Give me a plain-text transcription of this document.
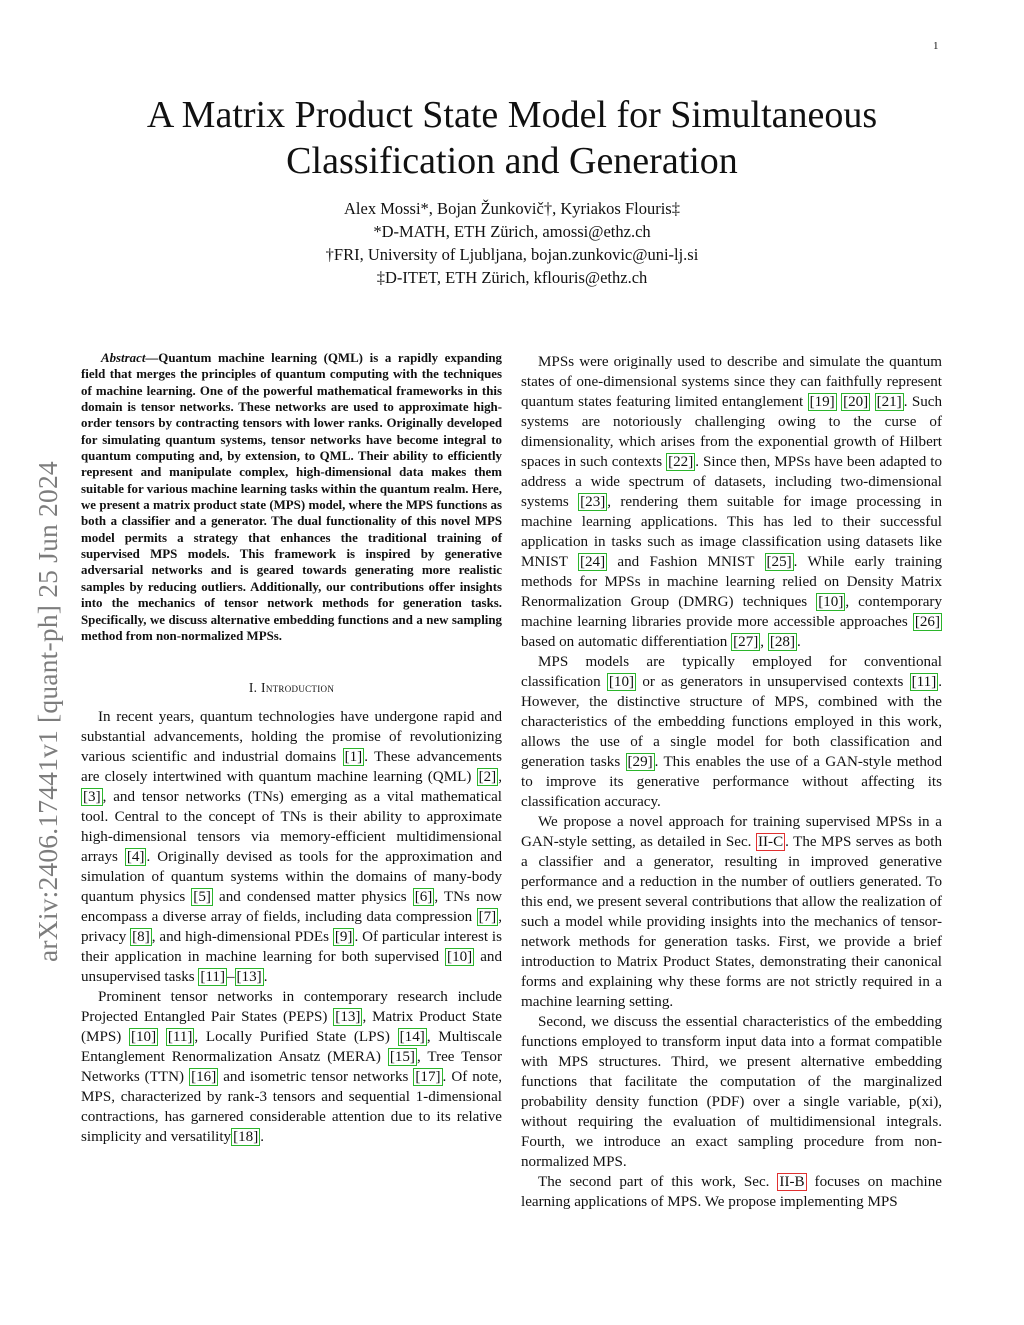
1
A Matrix Product State Model for Simultaneous
Classification and Generation
Alex Mossi*, Bojan Žunkovič†, Kyriakos Flouris‡
*D-MATH, ETH Zürich, amossi@ethz.ch
†FRI, University of Ljubljana, bojan.zunkovic@uni-lj.si
‡D-ITET, ETH Zürich, kflouris@ethz.ch
arXiv:2406.17441v1 [quant-ph] 25 Jun 2024

Abstract—Quantum machine learning (QML) is a rapidly expanding field that merges the principles of quantum computing with the techniques of machine learning. One of the powerful mathematical frameworks in this domain is tensor networks. These networks are used to approximate high-order tensors by contracting tensors with lower ranks. Originally developed for simulating quantum systems, tensor networks have become integral to quantum computing and, by extension, to QML. Their ability to efficiently represent and manipulate complex, high-dimensional data makes them suitable for various machine learning tasks within the quantum realm. Here, we present a matrix product state (MPS) model, where the MPS functions as both a classifier and a generator. The dual functionality of this novel MPS model permits a strategy that enhances the traditional training of supervised MPS models. This framework is inspired by generative adversarial networks and is geared towards generating more realistic samples by reducing outliers. Additionally, our contributions offer insights into the mechanics of tensor network methods for generation tasks. Specifically, we discuss alternative embedding functions and a new sampling method from non-normalized MPSs.

I. Introduction

In recent years, quantum technologies have undergone rapid and substantial advancements, holding the promise of revolutionizing various scientific and industrial domains [1] . These advancements are closely intertwined with quantum machine learning (QML) [2] , [3] , and tensor networks (TNs) emerging as a vital mathematical tool. Central to the concept of TNs is their ability to approximate high-dimensional tensors via memory-efficient multidimensional arrays [4] . Originally devised as tools for the approximation and simulation of quantum systems within the domains of many-body quantum physics [5] and condensed matter physics [6] , TNs now encompass a diverse array of fields, including data compression [7] , privacy [8] , and high-dimensional PDEs [9] . Of particular interest is their application in machine learning for both supervised [10] and unsupervised tasks [11] – [13] .

Prominent tensor networks in contemporary research include Projected Entangled Pair States (PEPS) [13] , Matrix Product State (MPS) [10] [11] , Locally Purified State (LPS) [14] , Multiscale Entanglement Renormalization Ansatz (MERA) [15] , Tree Tensor Networks (TTN) [16] and isometric tensor networks [17] . Of note, MPS, characterized by rank-3 tensors and sequential 1-dimensional contractions, has garnered considerable attention due to its relative simplicity and versatility [18] .

MPSs were originally used to describe and simulate the quantum states of one-dimensional systems since they can faithfully represent quantum states featuring limited entanglement [19] [20] [21] . Such systems are notoriously challenging owing to the curse of dimensionality, which arises from the exponential growth of Hilbert spaces in such contexts [22] . Since then, MPSs have been adapted to address a wide spectrum of datasets, including two-dimensional systems [23] , rendering them suitable for image processing in machine learning applications. This has led to their successful application in tasks such as image classification using datasets like MNIST [24] and Fashion MNIST [25] . While early training methods for MPSs in machine learning relied on Density Matrix Renormalization Group (DMRG) techniques [10] , contemporary machine learning libraries provide more accessible approaches [26] based on automatic differentiation [27] , [28] .

MPS models are typically employed for conventional classification [10] or as generators in unsupervised contexts [11] . However, the distinctive structure of MPS, combined with the characteristics of the embedding functions employed in this work, allows the use of a single model for both classification and generation tasks [29] . This enables the use of a GAN-style method to improve its generative performance without affecting its classification accuracy.

We propose a novel approach for training supervised MPSs in a GAN-style setting, as detailed in Sec. II-C . The MPS serves as both a classifier and a generator, resulting in improved generative performance and a reduction in the number of outliers generated. To this end, we present several contributions that allow the realization of such a model while providing insights into the mechanics of tensor-network methods for generation tasks. First, we provide a brief introduction to Matrix Product States, demonstrating their canonical forms and explaining why these forms are not strictly required in a machine learning setting.

Second, we discuss the essential characteristics of the embedding functions employed to transform input data into a format compatible with MPS structures. Third, we present alternative embedding functions that facilitate the computation of the marginalized probability density function (PDF) over a single variable, p(xi), without requiring the evaluation of multidimensional integrals. Fourth, we introduce an exact sampling procedure from non-normalized MPS.

The second part of this work, Sec. II-B focuses on machine learning applications of MPS. We propose implementing MPS
